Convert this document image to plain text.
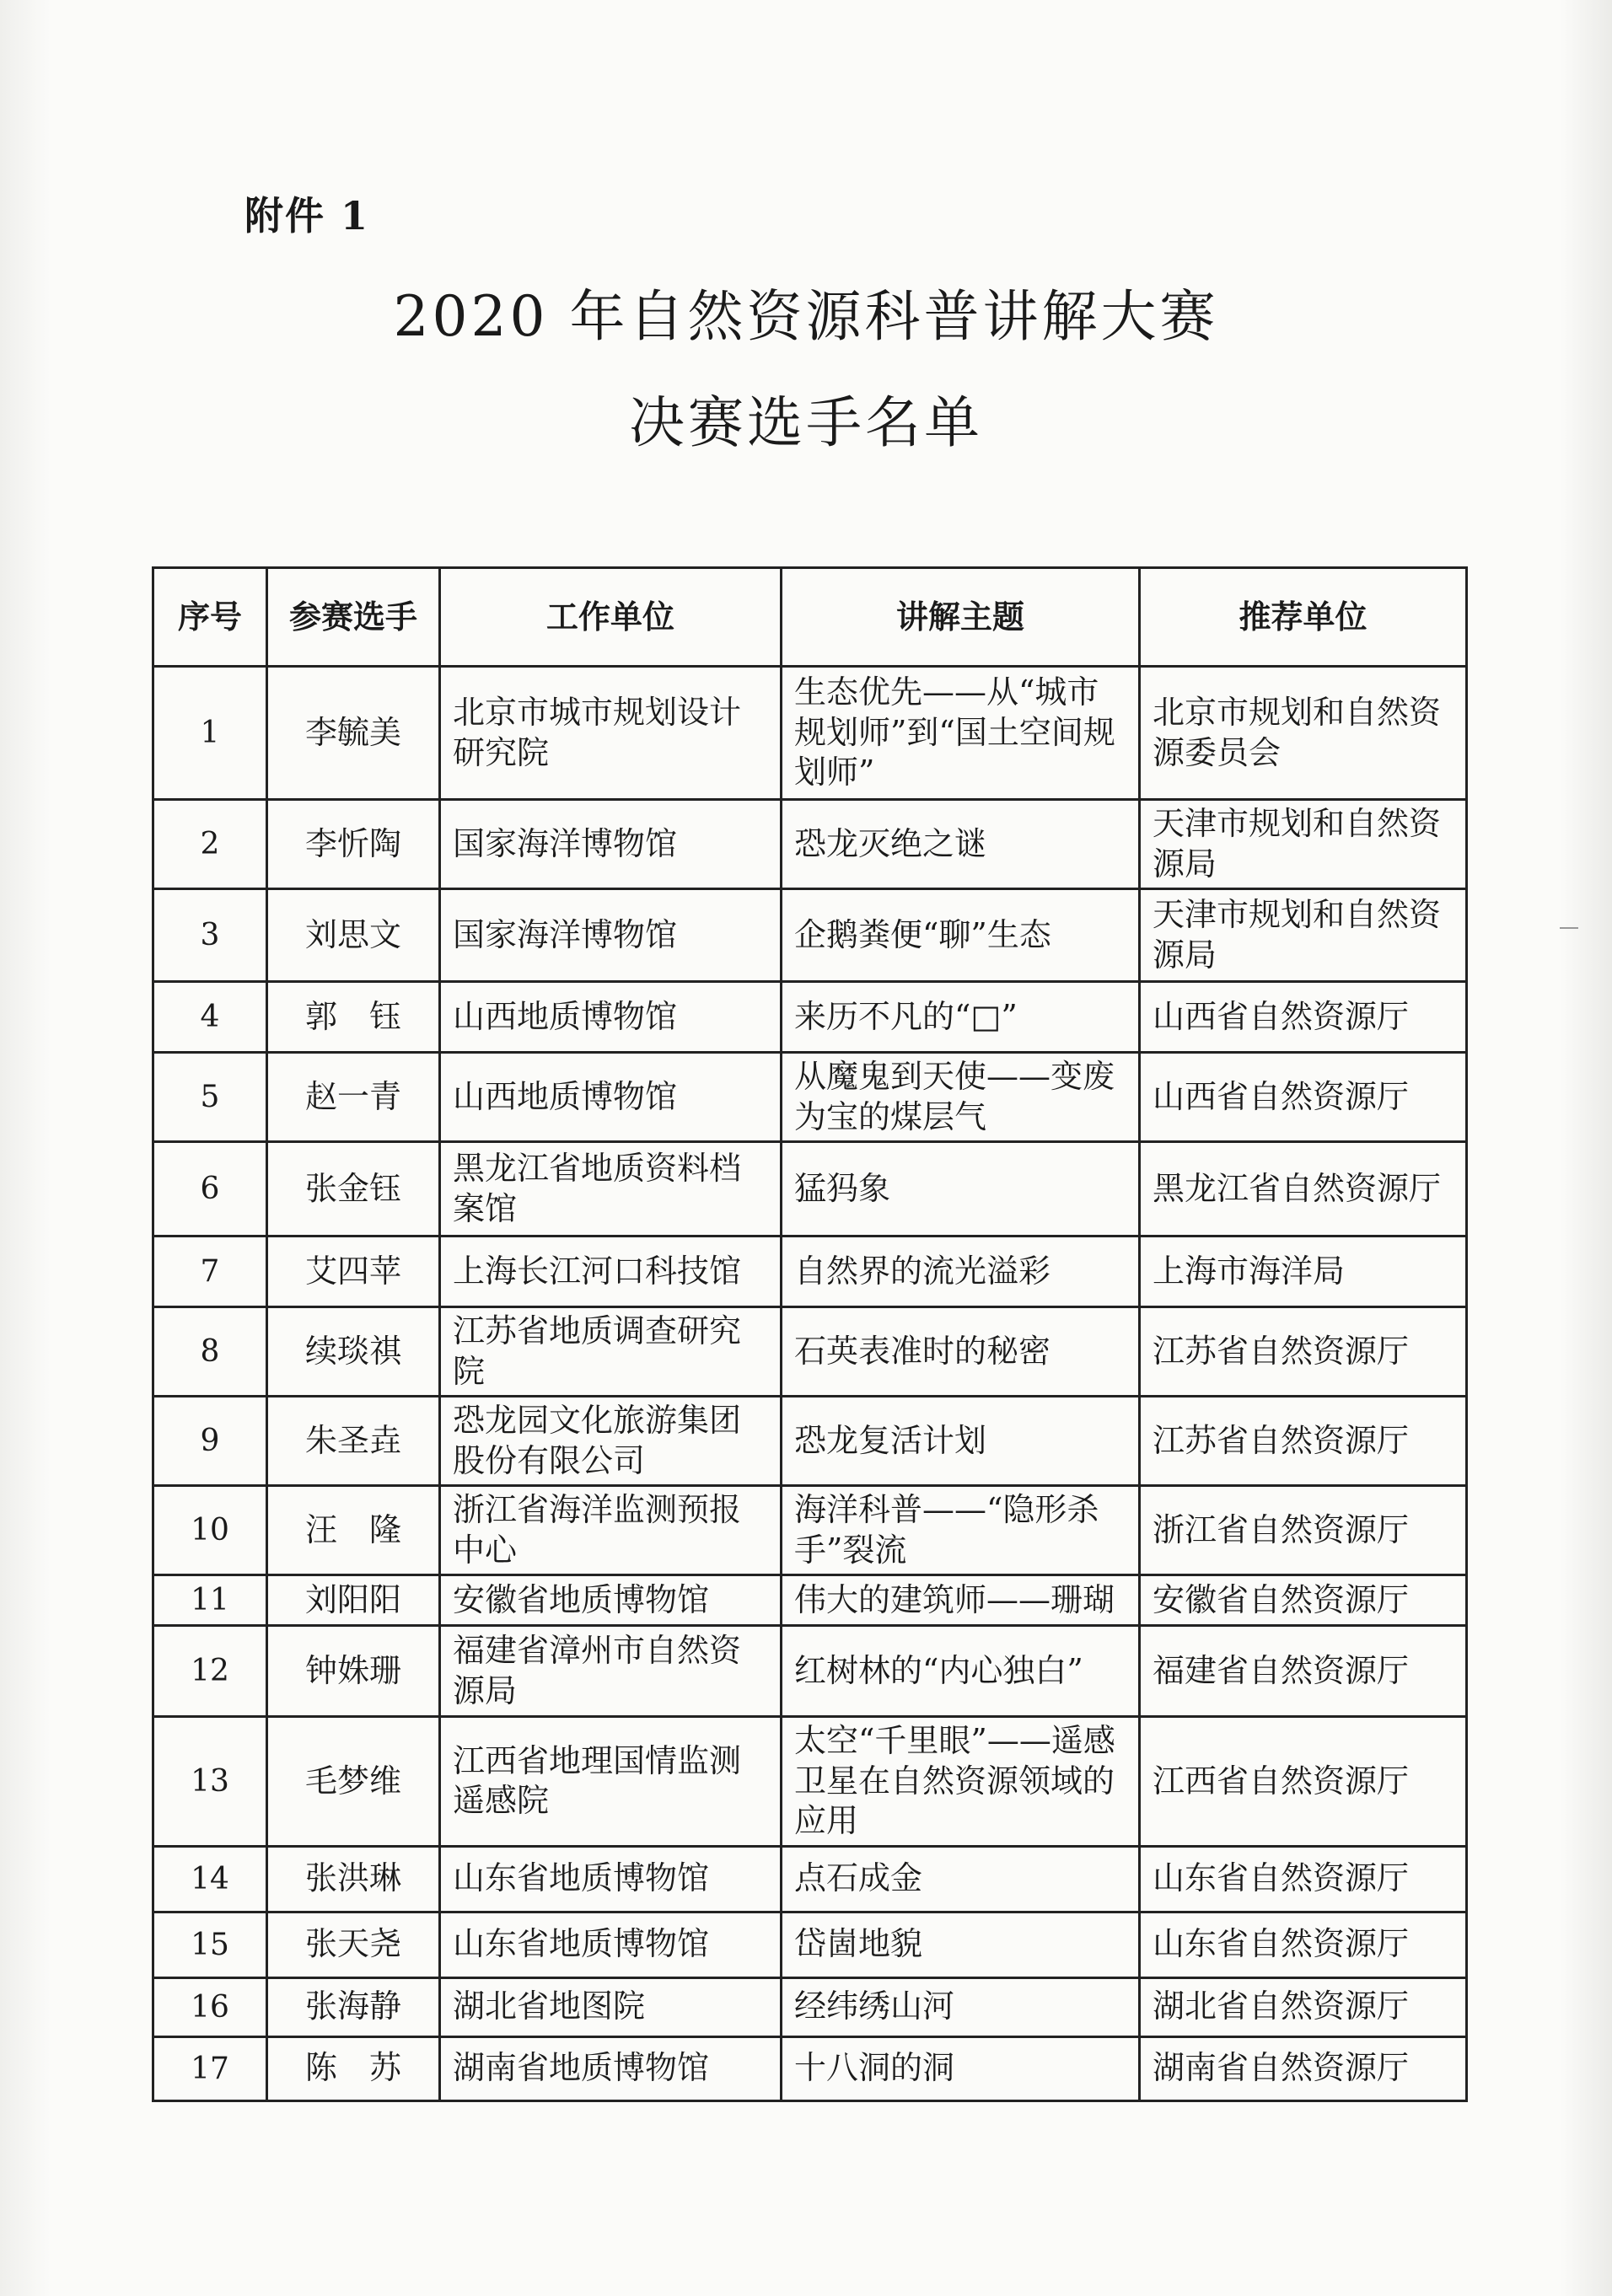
附件 1
2020 年自然资源科普讲解大赛
决赛选手名单
序号	参赛选手	工作单位	讲解主题	推荐单位
1	李毓美	北京市城市规划设计研究院	生态优先——从“城市规划师”到“国土空间规划师”	北京市规划和自然资源委员会
2	李忻陶	国家海洋博物馆	恐龙灭绝之谜	天津市规划和自然资源局
3	刘思文	国家海洋博物馆	企鹅粪便“聊”生态	天津市规划和自然资源局
4	郭　钰	山西地质博物馆	来历不凡的“□”	山西省自然资源厅
5	赵一青	山西地质博物馆	从魔鬼到天使——变废为宝的煤层气	山西省自然资源厅
6	张金钰	黑龙江省地质资料档案馆	猛犸象	黑龙江省自然资源厅
7	艾四苹	上海长江河口科技馆	自然界的流光溢彩	上海市海洋局
8	续琰祺	江苏省地质调查研究院	石英表准时的秘密	江苏省自然资源厅
9	朱圣垚	恐龙园文化旅游集团股份有限公司	恐龙复活计划	江苏省自然资源厅
10	汪　隆	浙江省海洋监测预报中心	海洋科普——“隐形杀手”裂流	浙江省自然资源厅
11	刘阳阳	安徽省地质博物馆	伟大的建筑师——珊瑚	安徽省自然资源厅
12	钟姝珊	福建省漳州市自然资源局	红树林的“内心独白”	福建省自然资源厅
13	毛梦维	江西省地理国情监测遥感院	太空“千里眼”——遥感卫星在自然资源领域的应用	江西省自然资源厅
14	张洪琳	山东省地质博物馆	点石成金	山东省自然资源厅
15	张天尧	山东省地质博物馆	岱崮地貌	山东省自然资源厅
16	张海静	湖北省地图院	经纬绣山河	湖北省自然资源厅
17	陈　苏	湖南省地质博物馆	十八洞的洞	湖南省自然资源厅
